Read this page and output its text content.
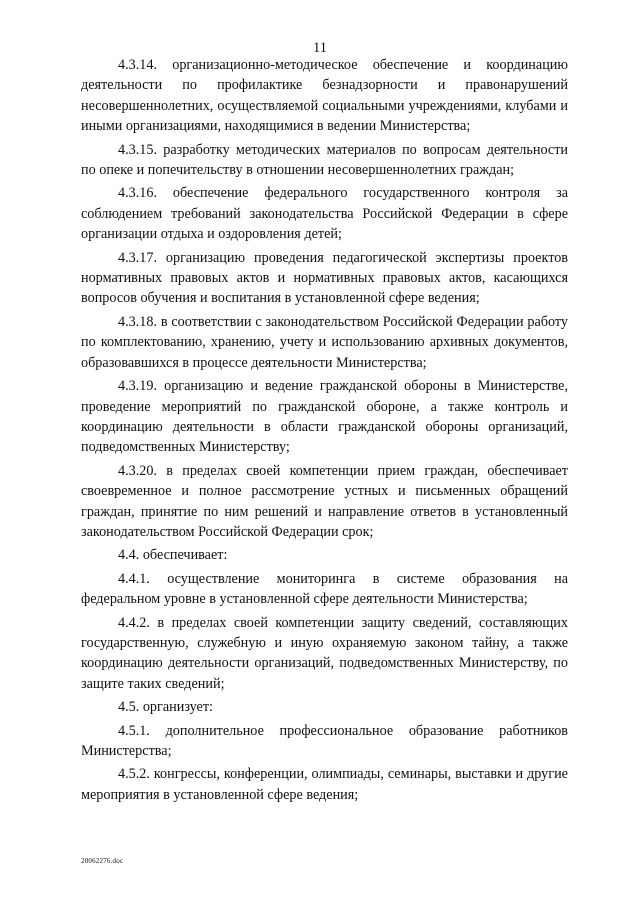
11

4.3.14. организационно-методическое обеспечение и координацию деятельности по профилактике безнадзорности и правонарушений несовершеннолетних, осуществляемой социальными учреждениями, клубами и иными организациями, находящимися в ведении Министерства;

4.3.15. разработку методических материалов по вопросам деятельности по опеке и попечительству в отношении несовершеннолетних граждан;

4.3.16. обеспечение федерального государственного контроля за соблюдением требований законодательства Российской Федерации в сфере организации отдыха и оздоровления детей;

4.3.17. организацию проведения педагогической экспертизы проектов нормативных правовых актов и нормативных правовых актов, касающихся вопросов обучения и воспитания в установленной сфере ведения;

4.3.18. в соответствии с законодательством Российской Федерации работу по комплектованию, хранению, учету и использованию архивных документов, образовавшихся в процессе деятельности Министерства;

4.3.19. организацию и ведение гражданской обороны в Министерстве, проведение мероприятий по гражданской обороне, а также контроль и координацию деятельности в области гражданской обороны организаций, подведомственных Министерству;

4.3.20. в пределах своей компетенции прием граждан, обеспечивает своевременное и полное рассмотрение устных и письменных обращений граждан, принятие по ним решений и направление ответов в установленный законодательством Российской Федерации срок;

4.4. обеспечивает:

4.4.1. осуществление мониторинга в системе образования на федеральном уровне в установленной сфере деятельности Министерства;

4.4.2. в пределах своей компетенции защиту сведений, составляющих государственную, служебную и иную охраняемую законом тайну, а также координацию деятельности организаций, подведомственных Министерству, по защите таких сведений;

4.5. организует:

4.5.1. дополнительное профессиональное образование работников Министерства;

4.5.2. конгрессы, конференции, олимпиады, семинары, выставки и другие мероприятия в установленной сфере ведения;

28062276.doc
